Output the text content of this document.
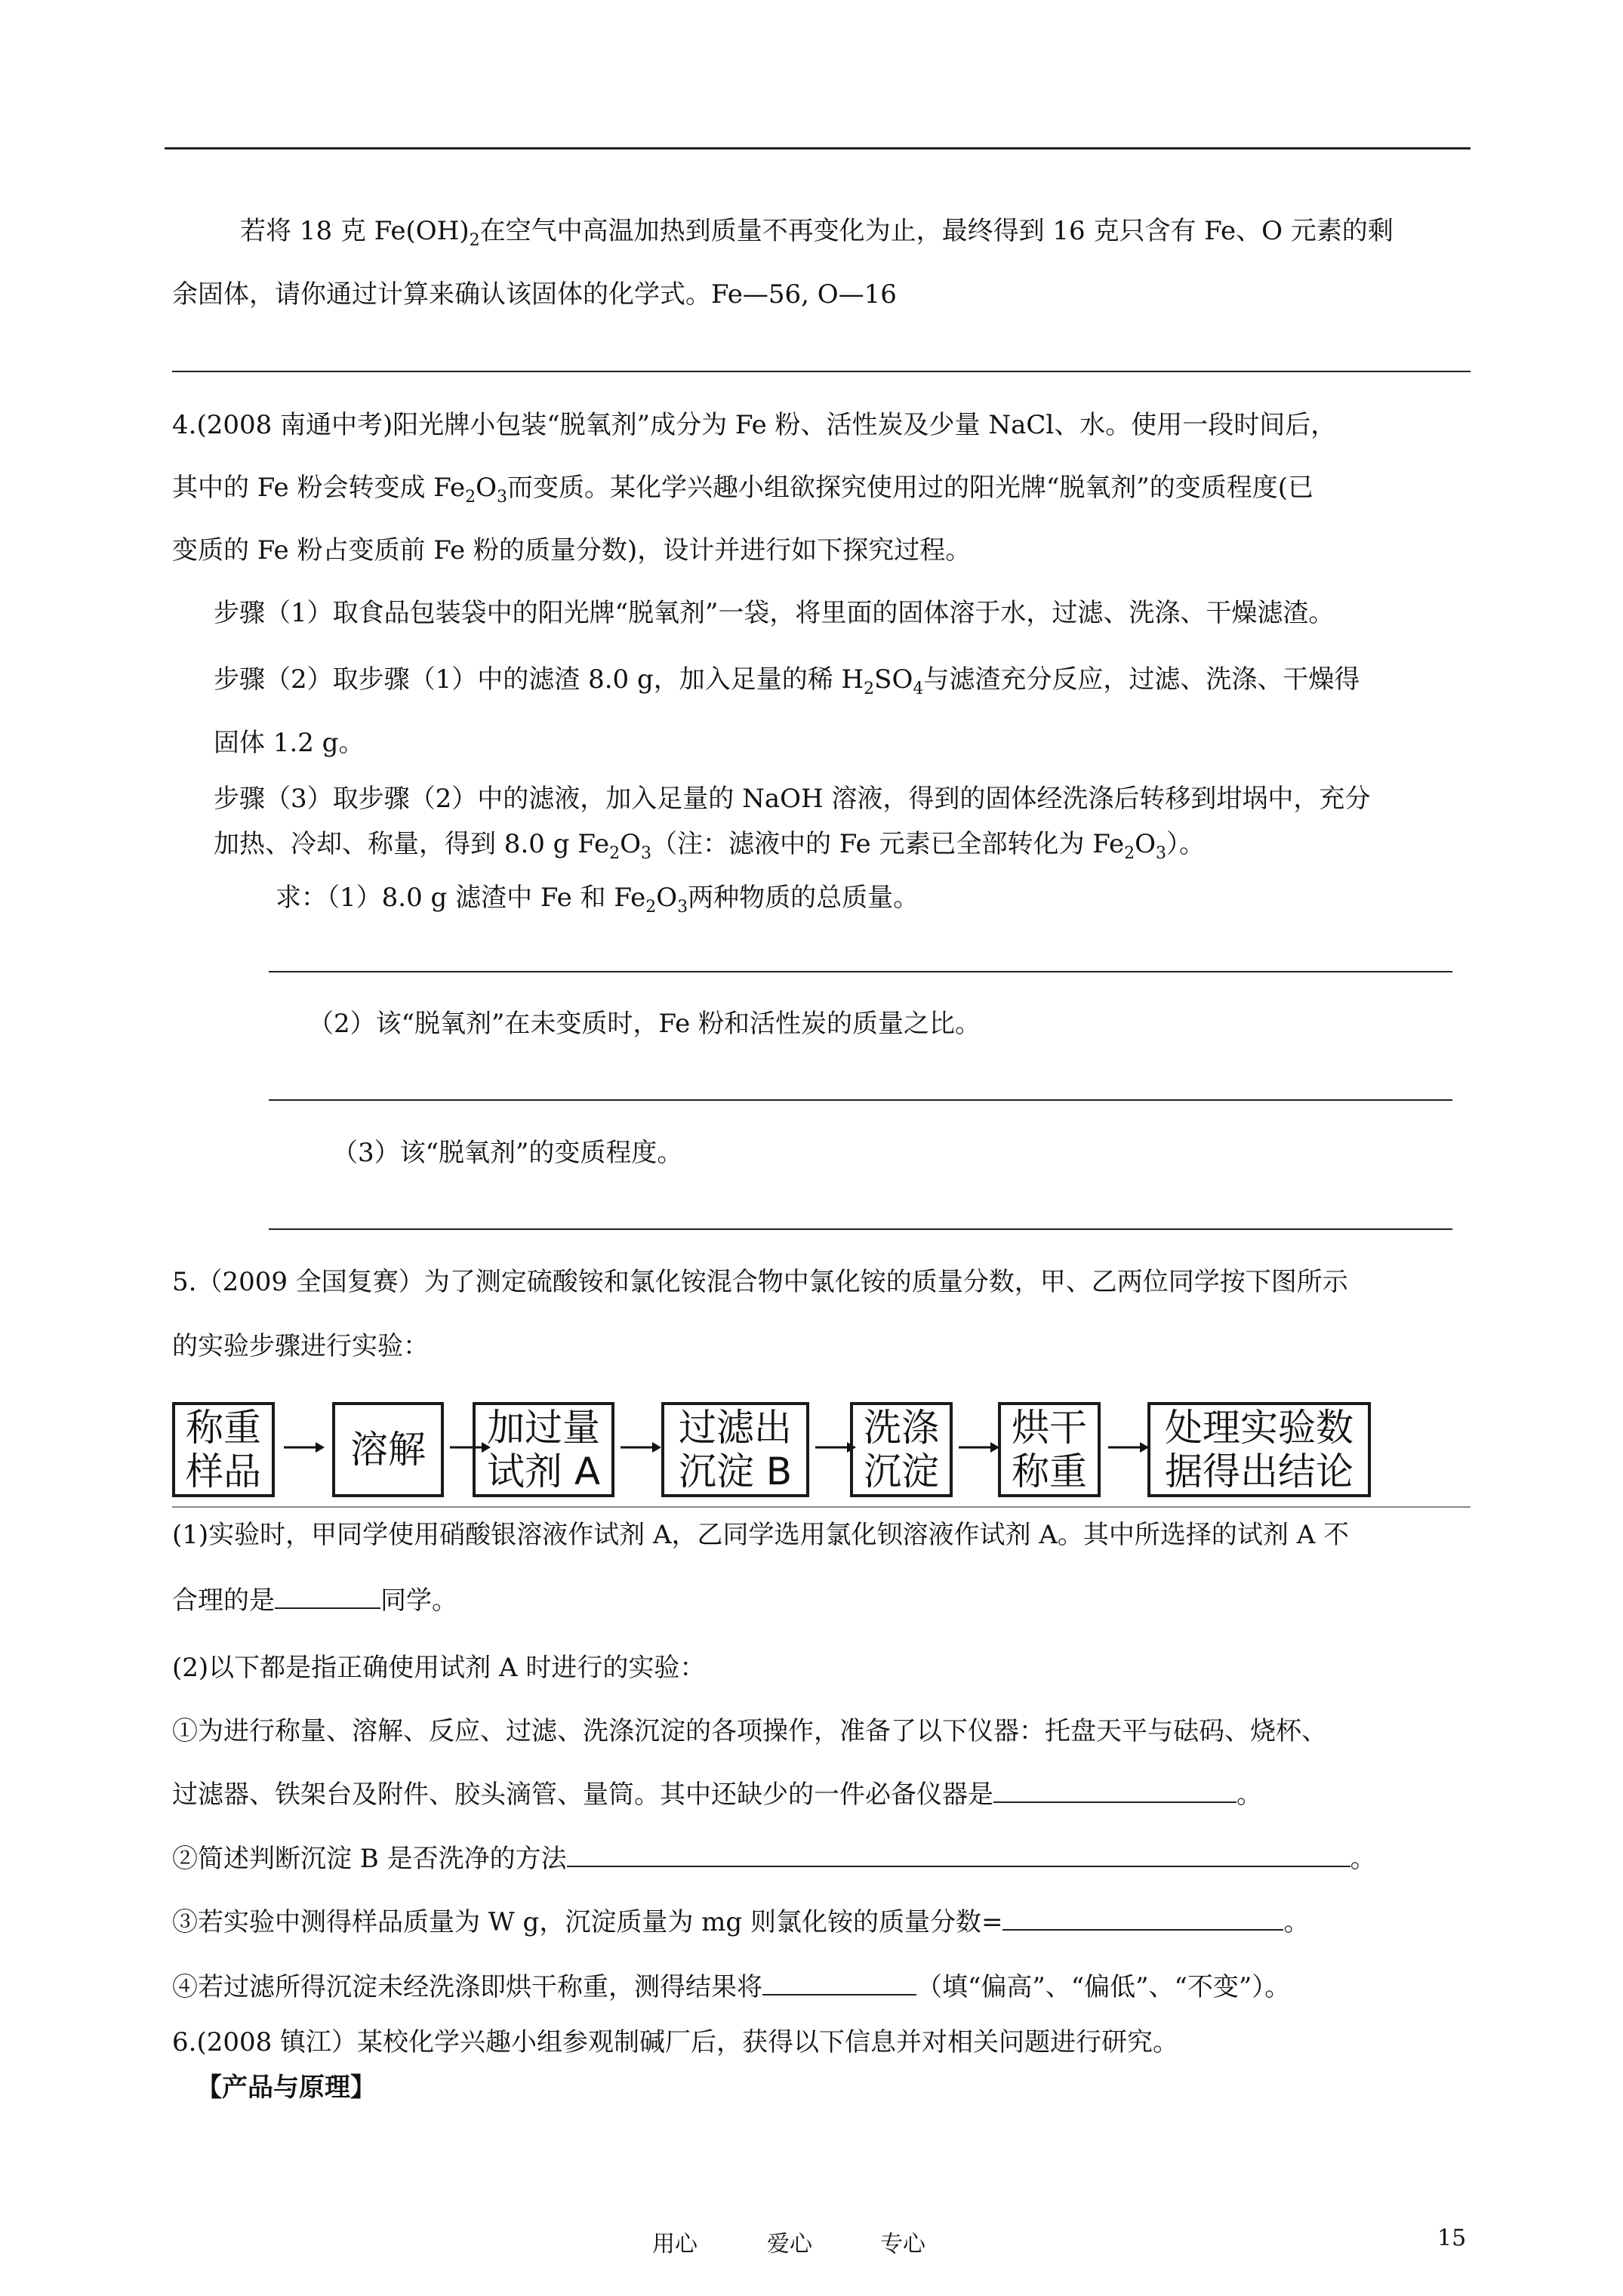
若将 18 克 $Fe(OH)_2$在空气中高温加热到质量不再变化为止，最终得到 16 克只含有 Fe、O 元素的剩
余固体，请你通过计算来确认该固体的化学式。Fe—56, O—16
4.(2008 南通中考)阳光牌小包装“脱氧剂”成分为 Fe 粉、活性炭及少量 NaCl、水。使用一段时间后，
其中的 Fe 粉会转变成 $Fe_2O_3$而变质。某化学兴趣小组欲探究使用过的阳光牌“脱氧剂”的变质程度(已
变质的 Fe 粉占变质前 Fe 粉的质量分数)，设计并进行如下探究过程。
步骤（1）取食品包装袋中的阳光牌“脱氧剂”一袋，将里面的固体溶于水，过滤、洗涤、干燥滤渣。
步骤（2）取步骤（1）中的滤渣 8.0 g，加入足量的稀 $H_2SO_4$与滤渣充分反应，过滤、洗涤、干燥得
固体 1.2 g。
步骤（3）取步骤（2）中的滤液，加入足量的 NaOH 溶液，得到的固体经洗涤后转移到坩埚中，充分
加热、冷却、称量，得到 8.0 g $Fe_2O_3$（注：滤液中的 Fe 元素已全部转化为 $Fe_2O_3$）。
求：（1）8.0 g 滤渣中 Fe 和 $Fe_2O_3$两种物质的总质量。
（2）该“脱氧剂”在未变质时，Fe 粉和活性炭的质量之比。
（3）该“脱氧剂”的变质程度。
5.（2009 全国复赛）为了测定硫酸铵和氯化铵混合物中氯化铵的质量分数，甲、乙两位同学按下图所示
的实验步骤进行实验：
称重
样品 溶解 加过量
试剂 A
过滤出
沉淀 B
洗涤
沉淀
烘干
称重
处理实验数
据得出结论
(1)实验时，甲同学使用硝酸银溶液作试剂 A，乙同学选用氯化钡溶液作试剂 A。其中所选择的试剂 A 不
合理的是	同学。
(2)以下都是指正确使用试剂 A 时进行的实验：
①为进行称量、溶解、反应、过滤、洗涤沉淀的各项操作，准备了以下仪器：托盘天平与砝码、烧杯、
过滤器、铁架台及附件、胶头滴管、量筒。其中还缺少的一件必备仪器是	。
②简述判断沉淀 B 是否洗净的方法	。
③若实验中测得样品质量为 W g，沉淀质量为 mg 则氯化铵的质量分数=	。
④若过滤所得沉淀未经洗涤即烘干称重，测得结果将	（填“偏高”、“偏低”、“不变”）。
6.(2008 镇江）某校化学兴趣小组参观制碱厂后，获得以下信息并对相关问题进行研究。
【产品与原理】
用心	爱心	专心	15
